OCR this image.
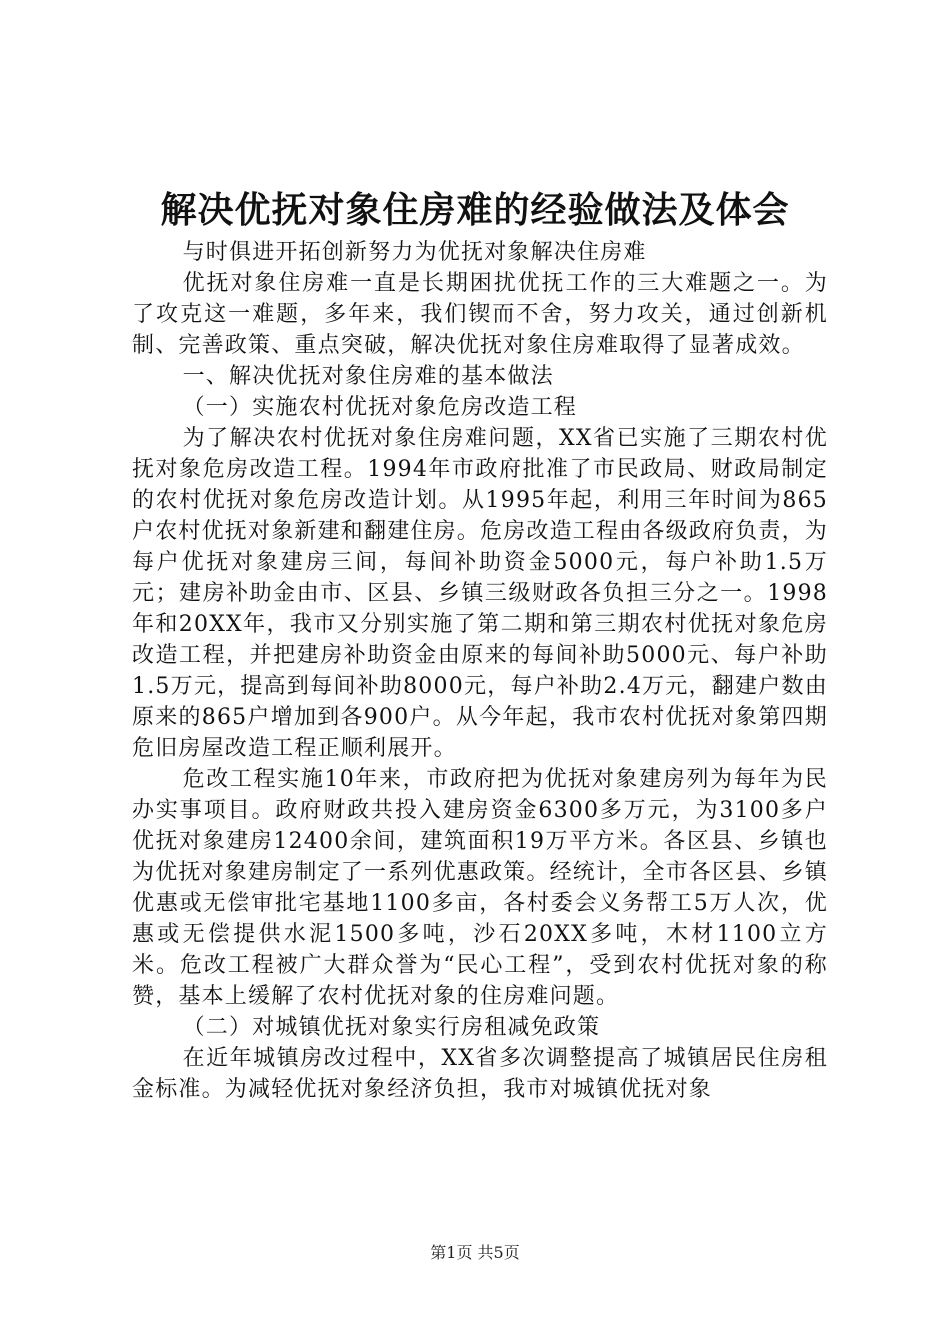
解决优抚对象住房难的经验做法及体会

与时俱进开拓创新努力为优抚对象解决住房难

优抚对象住房难一直是长期困扰优抚工作的三大难题之一。为了攻克这一难题，多年来，我们锲而不舍，努力攻关，通过创新机制、完善政策、重点突破，解决优抚对象住房难取得了显著成效。

一、解决优抚对象住房难的基本做法

（一）实施农村优抚对象危房改造工程

为了解决农村优抚对象住房难问题，XX省已实施了三期农村优抚对象危房改造工程。1994年市政府批准了市民政局、财政局制定的农村优抚对象危房改造计划。从1995年起，利用三年时间为865户农村优抚对象新建和翻建住房。危房改造工程由各级政府负责，为每户优抚对象建房三间，每间补助资金5000元，每户补助1.5万元；建房补助金由市、区县、乡镇三级财政各负担三分之一。1998年和20XX年，我市又分别实施了第二期和第三期农村优抚对象危房改造工程，并把建房补助资金由原来的每间补助5000元、每户补助1.5万元，提高到每间补助8000元，每户补助2.4万元，翻建户数由原来的865户增加到各900户。从今年起，我市农村优抚对象第四期危旧房屋改造工程正顺利展开。

危改工程实施10年来，市政府把为优抚对象建房列为每年为民办实事项目。政府财政共投入建房资金6300多万元，为3100多户优抚对象建房12400余间，建筑面积19万平方米。各区县、乡镇也为优抚对象建房制定了一系列优惠政策。经统计，全市各区县、乡镇优惠或无偿审批宅基地1100多亩，各村委会义务帮工5万人次，优惠或无偿提供水泥1500多吨，沙石20XX多吨，木材1100立方米。危改工程被广大群众誉为“民心工程”，受到农村优抚对象的称赞，基本上缓解了农村优抚对象的住房难问题。

（二）对城镇优抚对象实行房租减免政策

在近年城镇房改过程中，XX省多次调整提高了城镇居民住房租金标准。为减轻优抚对象经济负担，我市对城镇优抚对象

第1页 共5页
